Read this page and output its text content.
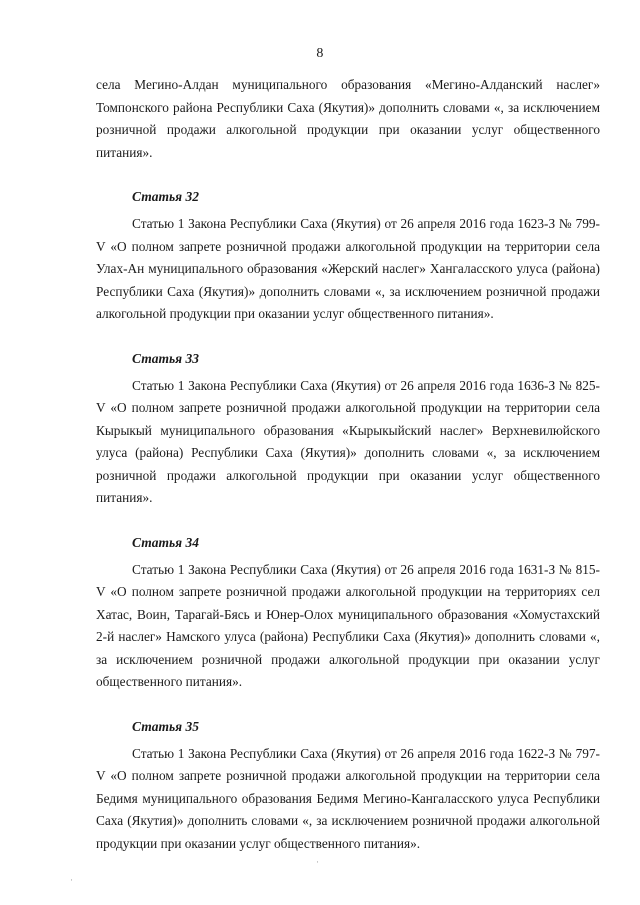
8

села Мегино-Алдан муниципального образования «Мегино-Алданский наслег» Томпонского района Республики Саха (Якутия)» дополнить словами «, за исключением розничной продажи алкогольной продукции при оказании услуг общественного питания».

Статья 32

Статью 1 Закона Республики Саха (Якутия) от 26 апреля 2016 года 1623-З № 799-V «О полном запрете розничной продажи алкогольной продукции на территории села Улах-Ан муниципального образования «Жерский наслег» Хангаласского улуса (района) Республики Саха (Якутия)» дополнить словами «, за исключением розничной продажи алкогольной продукции при оказании услуг общественного питания».

Статья 33

Статью 1 Закона Республики Саха (Якутия) от 26 апреля 2016 года 1636-З № 825-V «О полном запрете розничной продажи алкогольной продукции на территории села Кырыкый муниципального образования «Кырыкыйский наслег» Верхневилюйского улуса (района) Республики Саха (Якутия)» дополнить словами «, за исключением розничной продажи алкогольной продукции при оказании услуг общественного питания».

Статья 34

Статью 1 Закона Республики Саха (Якутия) от 26 апреля 2016 года 1631-З № 815-V «О полном запрете розничной продажи алкогольной продукции на территориях сел Хатас, Воин, Тарагай-Бясь и Юнер-Олох муниципального образования «Хомустахский 2-й наслег» Намского улуса (района) Республики Саха (Якутия)» дополнить словами «, за исключением розничной продажи алкогольной продукции при оказании услуг общественного питания».

Статья 35

Статью 1 Закона Республики Саха (Якутия) от 26 апреля 2016 года 1622-З № 797-V «О полном запрете розничной продажи алкогольной продукции на территории села Бедимя муниципального образования Бедимя Мегино-Кангаласского улуса Республики Саха (Якутия)» дополнить словами «, за исключением розничной продажи алкогольной продукции при оказании услуг общественного питания».

·
·
